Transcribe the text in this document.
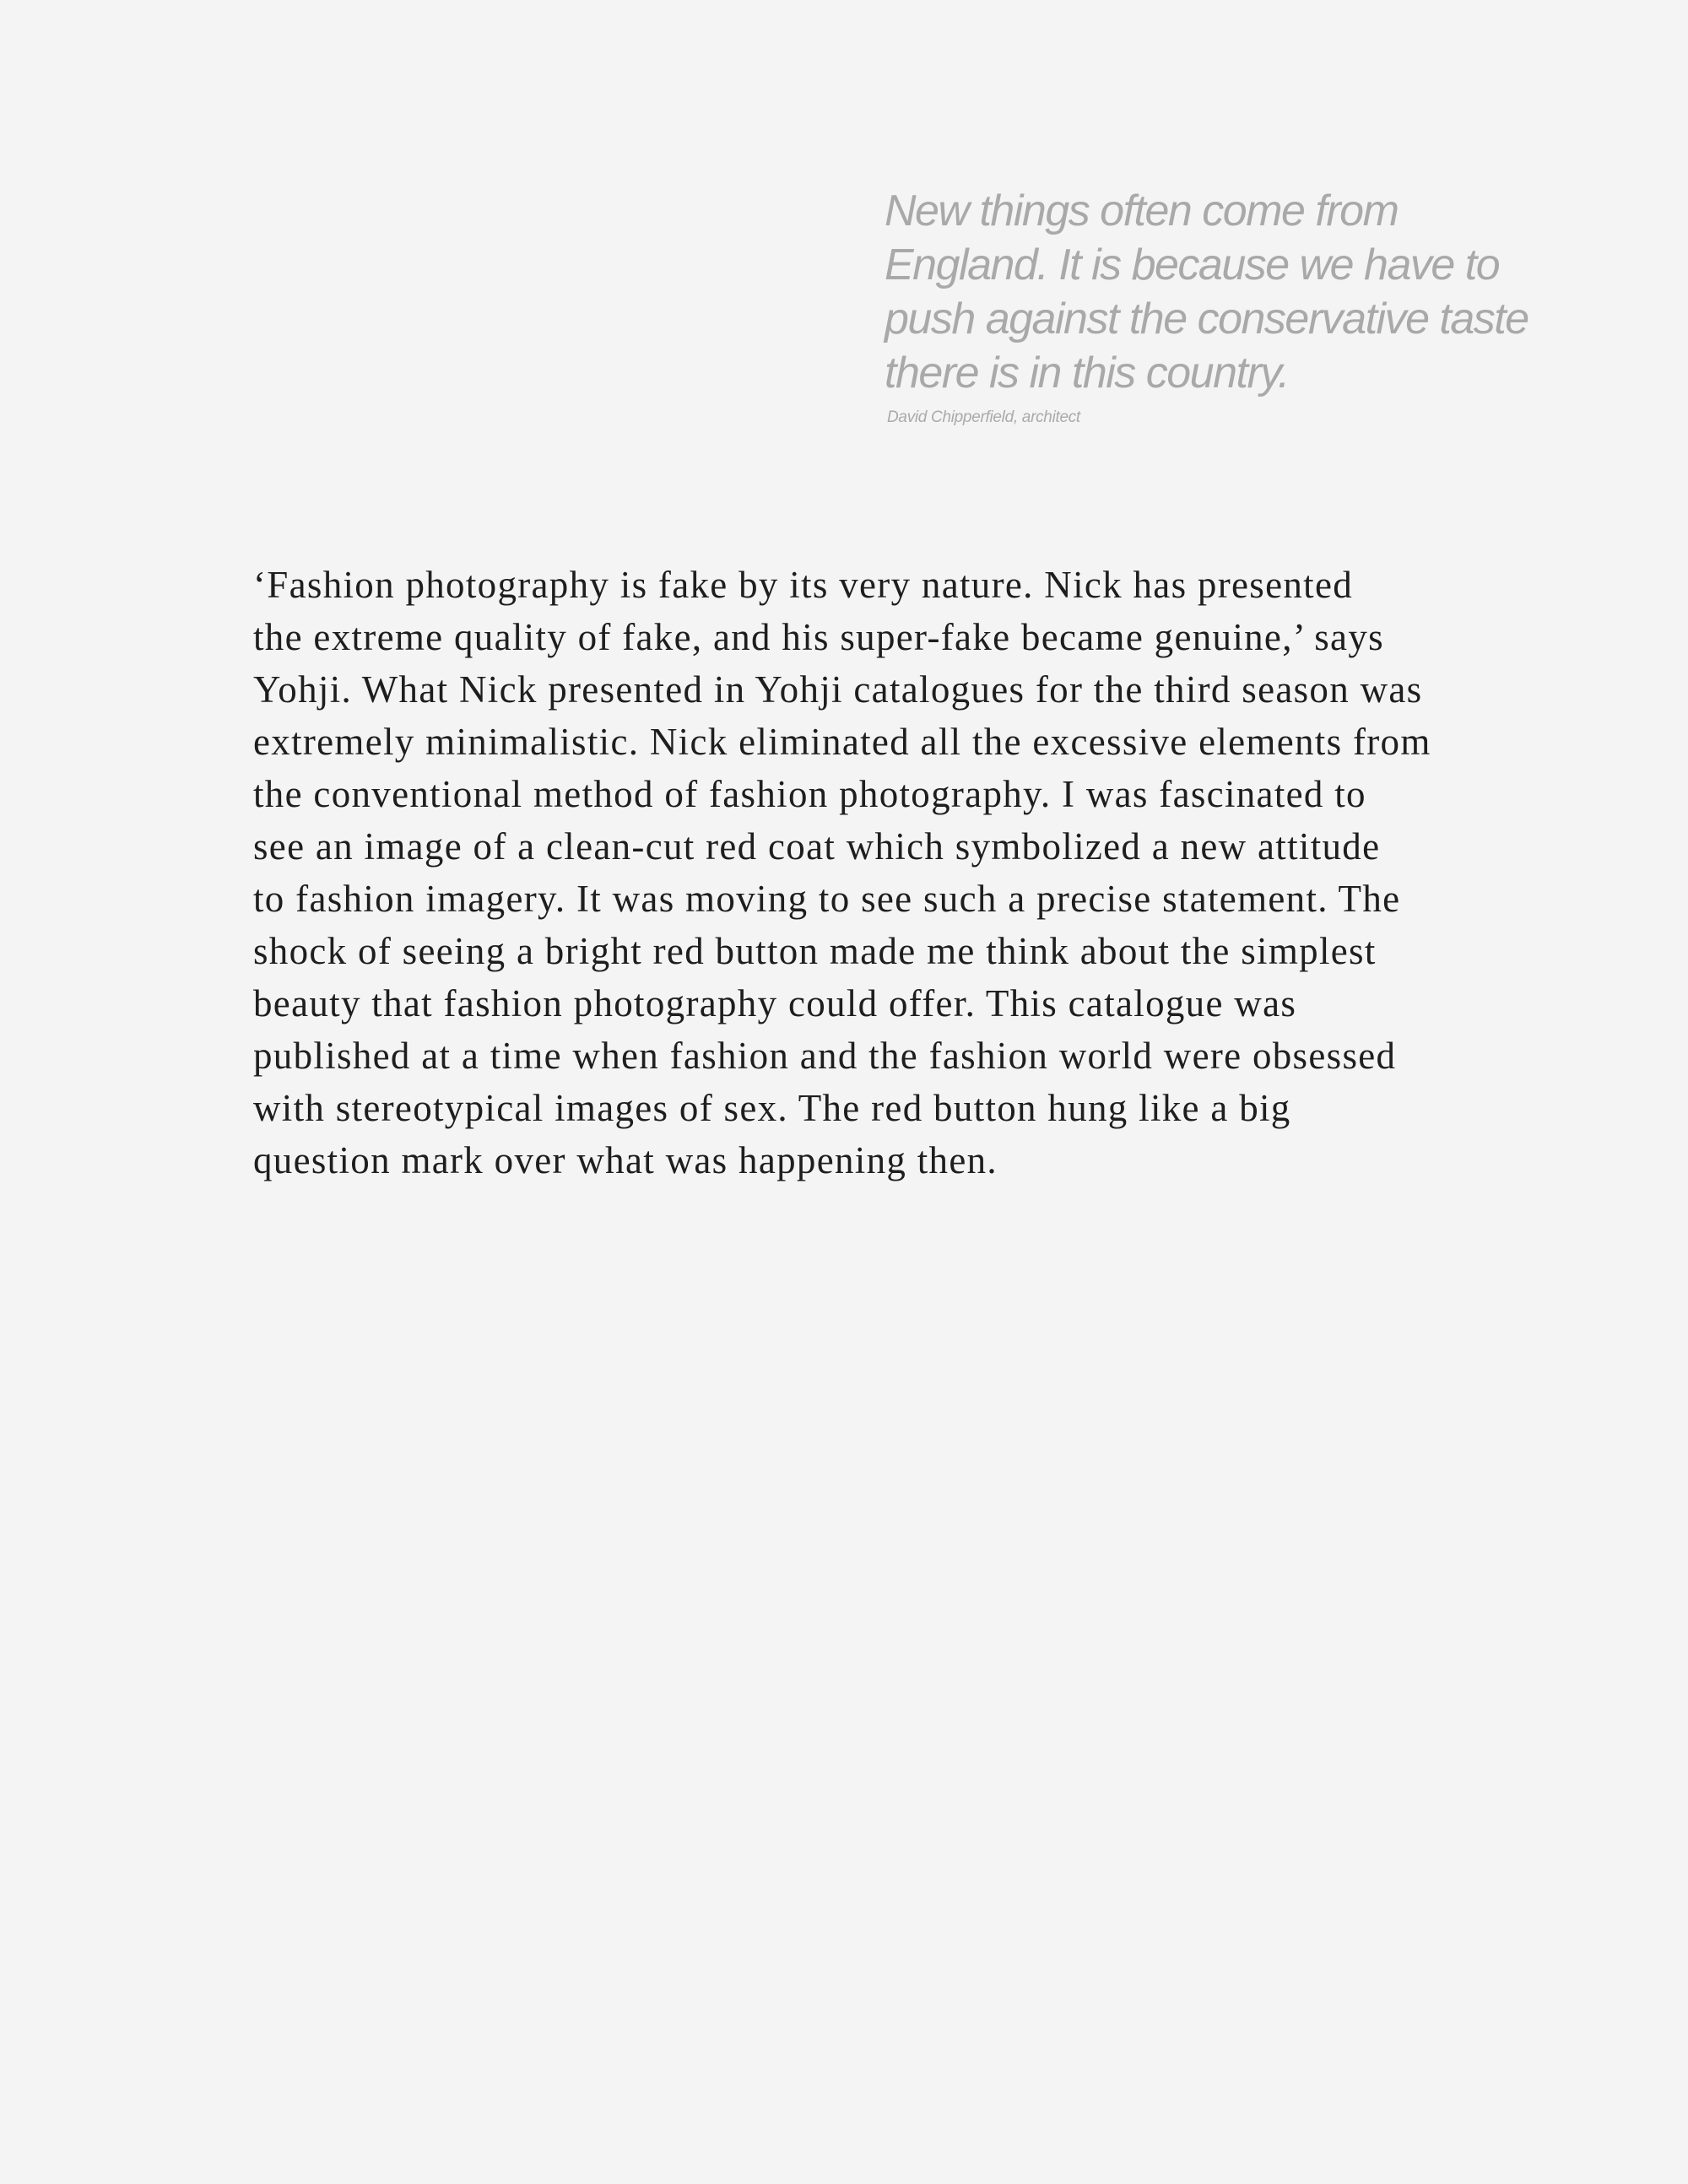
New things often come from
England. It is because we have to
push against the conservative taste
there is in this country.

David Chipperfield, architect

‘Fashion photography is fake by its very nature. Nick has presented
the extreme quality of fake, and his super-fake became genuine,’ says
Yohji. What Nick presented in Yohji catalogues for the third season was
extremely minimalistic. Nick eliminated all the excessive elements from
the conventional method of fashion photography. I was fascinated to
see an image of a clean-cut red coat which symbolized a new attitude
to fashion imagery. It was moving to see such a precise statement. The
shock of seeing a bright red button made me think about the simplest
beauty that fashion photography could offer. This catalogue was
published at a time when fashion and the fashion world were obsessed
with stereotypical images of sex. The red button hung like a big
question mark over what was happening then.
